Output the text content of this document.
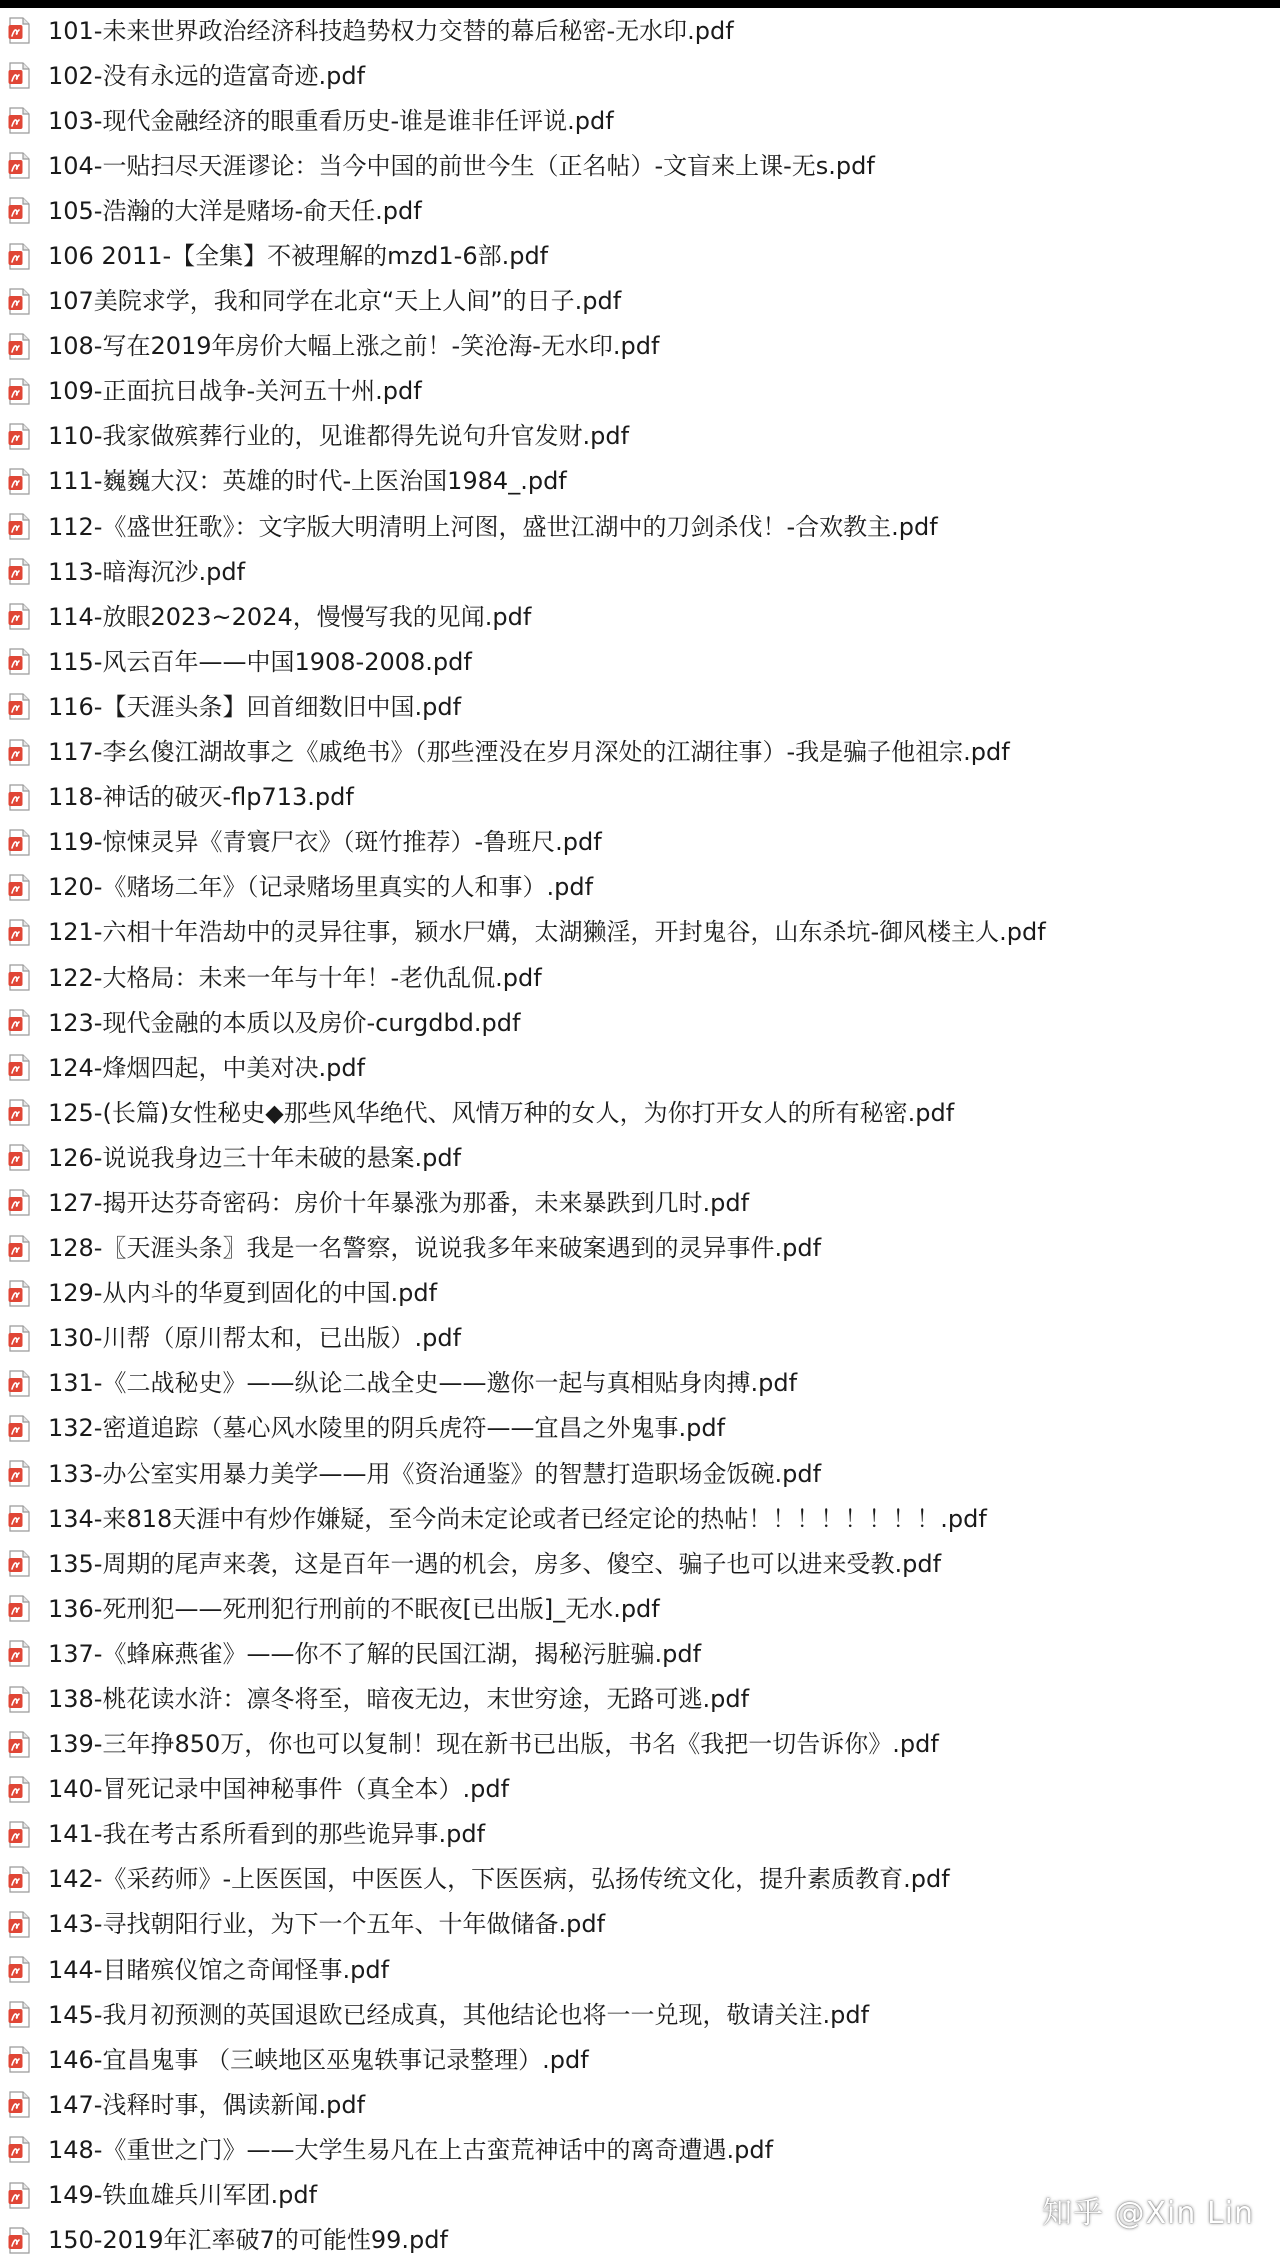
101-未来世界政治经济科技趋势权力交替的幕后秘密-无水印.pdf
102-没有永远的造富奇迹.pdf
103-现代金融经济的眼重看历史-谁是谁非任评说.pdf
104-一贴扫尽天涯谬论：当今中国的前世今生（正名帖）-文盲来上课-无s.pdf
105-浩瀚的大洋是赌场-俞天任.pdf
106 2011-【全集】不被理解的mzd1-6部.pdf
107美院求学，我和同学在北京“天上人间”的日子.pdf
108-写在2019年房价大幅上涨之前！-笑沧海-无水印.pdf
109-正面抗日战争-关河五十州.pdf
110-我家做殡葬行业的，见谁都得先说句升官发财.pdf
111-巍巍大汉：英雄的时代-上医治国1984_.pdf
112-《盛世狂歌》：文字版大明清明上河图，盛世江湖中的刀剑杀伐！-合欢教主.pdf
113-暗海沉沙.pdf
114-放眼2023~2024，慢慢写我的见闻.pdf
115-风云百年——中国1908-2008.pdf
116-【天涯头条】回首细数旧中国.pdf
117-李幺傻江湖故事之《戚绝书》（那些湮没在岁月深处的江湖往事）-我是骗子他祖宗.pdf
118-神话的破灭-flp713.pdf
119-惊悚灵异《青寰尸衣》（斑竹推荐）-鲁班尺.pdf
120-《赌场二年》（记录赌场里真实的人和事）.pdf
121-六相十年浩劫中的灵异往事，颍水尸媾，太湖獭淫，开封鬼谷，山东杀坑-御风楼主人.pdf
122-大格局：未来一年与十年！-老仇乱侃.pdf
123-现代金融的本质以及房价-curgdbd.pdf
124-烽烟四起，中美对决.pdf
125-(长篇)女性秘史◆那些风华绝代、风情万种的女人，为你打开女人的所有秘密.pdf
126-说说我身边三十年未破的悬案.pdf
127-揭开达芬奇密码：房价十年暴涨为那番，未来暴跌到几时.pdf
128-〖天涯头条〗我是一名警察，说说我多年来破案遇到的灵异事件.pdf
129-从内斗的华夏到固化的中国.pdf
130-川帮（原川帮太和，已出版）.pdf
131-《二战秘史》——纵论二战全史——邀你一起与真相贴身肉搏.pdf
132-密道追踪（墓心风水陵里的阴兵虎符——宜昌之外鬼事.pdf
133-办公室实用暴力美学——用《资治通鉴》的智慧打造职场金饭碗.pdf
134-来818天涯中有炒作嫌疑，至今尚未定论或者已经定论的热帖！！！！！！！！.pdf
135-周期的尾声来袭，这是百年一遇的机会，房多、傻空、骗子也可以进来受教.pdf
136-死刑犯——死刑犯行刑前的不眠夜[已出版]_无水.pdf
137-《蜂麻燕雀》——你不了解的民国江湖，揭秘污脏骗.pdf
138-桃花读水浒：凛冬将至，暗夜无边，末世穷途，无路可逃.pdf
139-三年挣850万，你也可以复制！现在新书已出版，书名《我把一切告诉你》.pdf
140-冒死记录中国神秘事件（真全本）.pdf
141-我在考古系所看到的那些诡异事.pdf
142-《采药师》-上医医国，中医医人，下医医病，弘扬传统文化，提升素质教育.pdf
143-寻找朝阳行业，为下一个五年、十年做储备.pdf
144-目睹殡仪馆之奇闻怪事.pdf
145-我月初预测的英国退欧已经成真，其他结论也将一一兑现，敬请关注.pdf
146-宜昌鬼事 （三峡地区巫鬼轶事记录整理）.pdf
147-浅释时事，偶读新闻.pdf
148-《重世之门》——大学生易凡在上古蛮荒神话中的离奇遭遇.pdf
149-铁血雄兵川军团.pdf
150-2019年汇率破7的可能性99.pdf
知乎 @Xin Lin
